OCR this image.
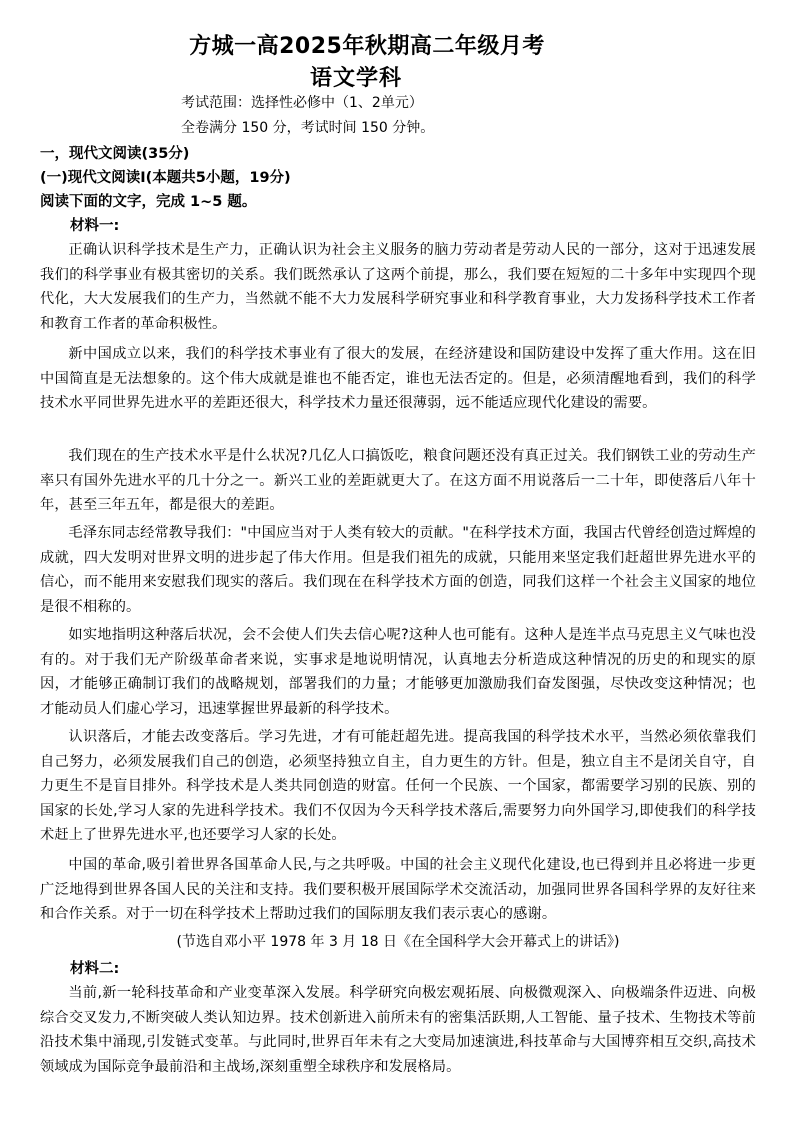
方城一高2025年秋期高二年级月考
语文学科
考试范围：选择性必修中（1、2单元）
全卷满分 150 分，考试时间 150 分钟。
一，现代文阅读(35分)
(一)现代文阅读Ⅰ(本题共5小题，19分)
阅读下面的文字，完成 1~5 题。
材料一:

正确认识科学技术是生产力，正确认识为社会主义服务的脑力劳动者是劳动人民的一部分，这对于迅速发展我们的科学事业有极其密切的关系。我们既然承认了这两个前提，那么，我们要在短短的二十多年中实现四个现代化，大大发展我们的生产力，当然就不能不大力发展科学研究事业和科学教育事业，大力发扬科学技术工作者和教育工作者的革命积极性。

新中国成立以来，我们的科学技术事业有了很大的发展，在经济建设和国防建设中发挥了重大作用。这在旧中国简直是无法想象的。这个伟大成就是谁也不能否定，谁也无法否定的。但是，必须清醒地看到，我们的科学技术水平同世界先进水平的差距还很大，科学技术力量还很薄弱，远不能适应现代化建设的需要。

我们现在的生产技术水平是什么状况?几亿人口搞饭吃，粮食问题还没有真正过关。我们钢铁工业的劳动生产率只有国外先进水平的几十分之一。新兴工业的差距就更大了。在这方面不用说落后一二十年，即使落后八年十年，甚至三年五年，都是很大的差距。

毛泽东同志经常教导我们："中国应当对于人类有较大的贡献。"在科学技术方面，我国古代曾经创造过辉煌的成就，四大发明对世界文明的进步起了伟大作用。但是我们祖先的成就，只能用来坚定我们赶超世界先进水平的信心，而不能用来安慰我们现实的落后。我们现在在科学技术方面的创造，同我们这样一个社会主义国家的地位是很不相称的。

如实地指明这种落后状况，会不会使人们失去信心呢?这种人也可能有。这种人是连半点马克思主义气味也没有的。对于我们无产阶级革命者来说，实事求是地说明情况，认真地去分析造成这种情况的历史的和现实的原因，才能够正确制订我们的战略规划，部署我们的力量；才能够更加激励我们奋发图强，尽快改变这种情况；也才能动员人们虚心学习，迅速掌握世界最新的科学技术。

认识落后，才能去改变落后。学习先进，才有可能赶超先进。提高我国的科学技术水平，当然必须依靠我们自己努力，必须发展我们自己的创造，必须坚持独立自主，自力更生的方针。但是，独立自主不是闭关自守，自力更生不是盲目排外。科学技术是人类共同创造的财富。任何一个民族、一个国家，都需要学习别的民族、别的国家的长处,学习人家的先进科学技术。我们不仅因为今天科学技术落后,需要努力向外国学习,即使我们的科学技术赶上了世界先进水平,也还要学习人家的长处。

中国的革命,吸引着世界各国革命人民,与之共呼吸。中国的社会主义现代化建设,也已得到并且必将进一步更广泛地得到世界各国人民的关注和支持。我们要积极开展国际学术交流活动，加强同世界各国科学界的友好往来和合作关系。对于一切在科学技术上帮助过我们的国际朋友我们表示衷心的感谢。

(节选自邓小平 1978 年 3 月 18 日《在全国科学大会开幕式上的讲话》)
材料二:

当前,新一轮科技革命和产业变革深入发展。科学研究向极宏观拓展、向极微观深入、向极端条件迈进、向极综合交叉发力,不断突破人类认知边界。技术创新进入前所未有的密集活跃期,人工智能、量子技术、生物技术等前沿技术集中涌现,引发链式变革。与此同时,世界百年未有之大变局加速演进,科技革命与大国博弈相互交织,高技术领域成为国际竞争最前沿和主战场,深刻重塑全球秩序和发展格局。
